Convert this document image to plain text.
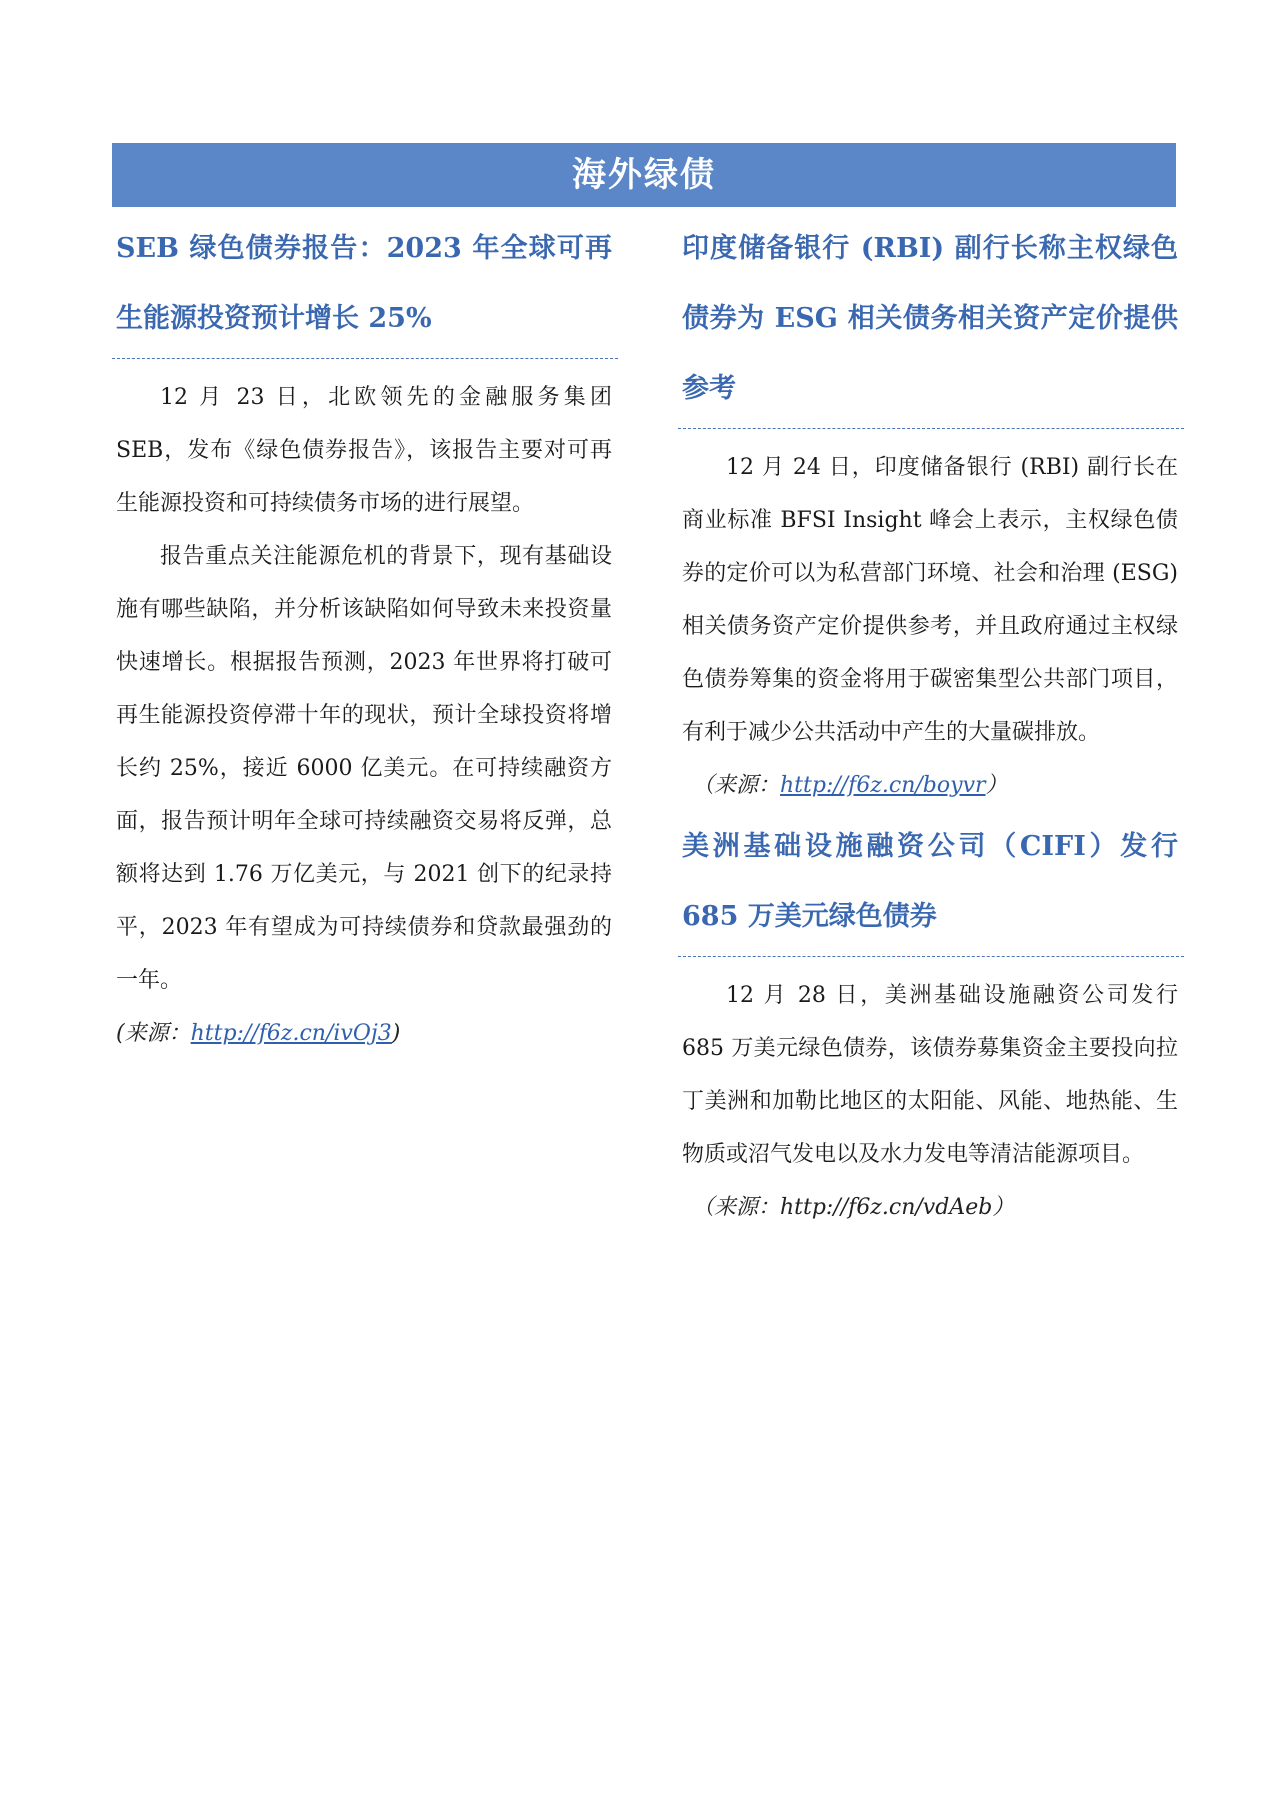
海外绿债
SEB 绿色债券报告：2023 年全球可再生能源投资预计增长 25%

12 月 23 日，北欧领先的金融服务集团 SEB，发布《绿色债券报告》，该报告主要对可再生能源投资和可持续债务市场的进行展望。

报告重点关注能源危机的背景下，现有基础设施有哪些缺陷，并分析该缺陷如何导致未来投资量快速增长。根据报告预测，2023 年世界将打破可再生能源投资停滞十年的现状，预计全球投资将增长约 25%，接近 6000 亿美元。在可持续融资方面，报告预计明年全球可持续融资交易将反弹，总额将达到 1.76 万亿美元，与 2021 创下的纪录持平，2023 年有望成为可持续债券和贷款最强劲的一年。

(来源：http://f6z.cn/ivOj3)

印度储备银行 (RBI) 副行长称主权绿色债券为 ESG 相关债务相关资产定价提供参考

12 月 24 日，印度储备银行 (RBI) 副行长在商业标准 BFSI Insight 峰会上表示，主权绿色债券的定价可以为私营部门环境、社会和治理 (ESG) 相关债务资产定价提供参考，并且政府通过主权绿色债券筹集的资金将用于碳密集型公共部门项目，有利于减少公共活动中产生的大量碳排放。

（来源：http://f6z.cn/boyvr）

美洲基础设施融资公司（CIFI）发行 685 万美元绿色债券

12 月 28 日，美洲基础设施融资公司发行 685 万美元绿色债券，该债券募集资金主要投向拉丁美洲和加勒比地区的太阳能、风能、地热能、生物质或沼气发电以及水力发电等清洁能源项目。

（来源：http://f6z.cn/vdAeb）
